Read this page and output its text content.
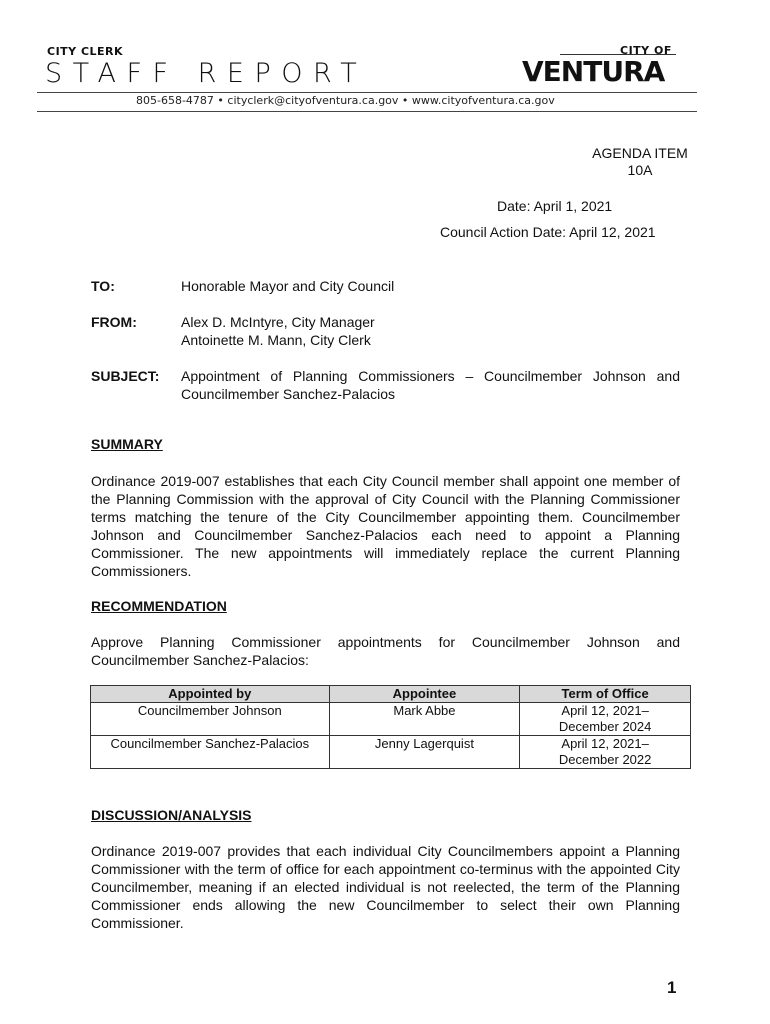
CITY CLERK
STAFF REPORT
CITY OF
VENTURA
805-658-4787 • cityclerk@cityofventura.ca.gov • www.cityofventura.ca.gov
AGENDA ITEM
10A
Date: April 1, 2021
Council Action Date: April 12, 2021
TO:	Honorable Mayor and City Council
FROM:	Alex D. McIntyre, City Manager
Antoinette M. Mann, City Clerk
SUBJECT: Appointment of Planning Commissioners – Councilmember Johnson and Councilmember Sanchez-Palacios
SUMMARY
Ordinance 2019-007 establishes that each City Council member shall appoint one member of the Planning Commission with the approval of City Council with the Planning Commissioner terms matching the tenure of the City Councilmember appointing them. Councilmember Johnson and Councilmember Sanchez-Palacios each need to appoint a Planning Commissioner. The new appointments will immediately replace the current Planning Commissioners.
RECOMMENDATION
Approve Planning Commissioner appointments for Councilmember Johnson and Councilmember Sanchez-Palacios:
Appointed by	Appointee	Term of Office
Councilmember Johnson	Mark Abbe	April 12, 2021–
December 2024

Councilmember Sanchez-Palacios	Jenny Lagerquist	April 12, 2021–
December 2022
DISCUSSION/ANALYSIS
Ordinance 2019-007 provides that each individual City Councilmembers appoint a Planning Commissioner with the term of office for each appointment co-terminus with the appointed City Councilmember, meaning if an elected individual is not reelected, the term of the Planning Commissioner ends allowing the new Councilmember to select their own Planning Commissioner.
1
